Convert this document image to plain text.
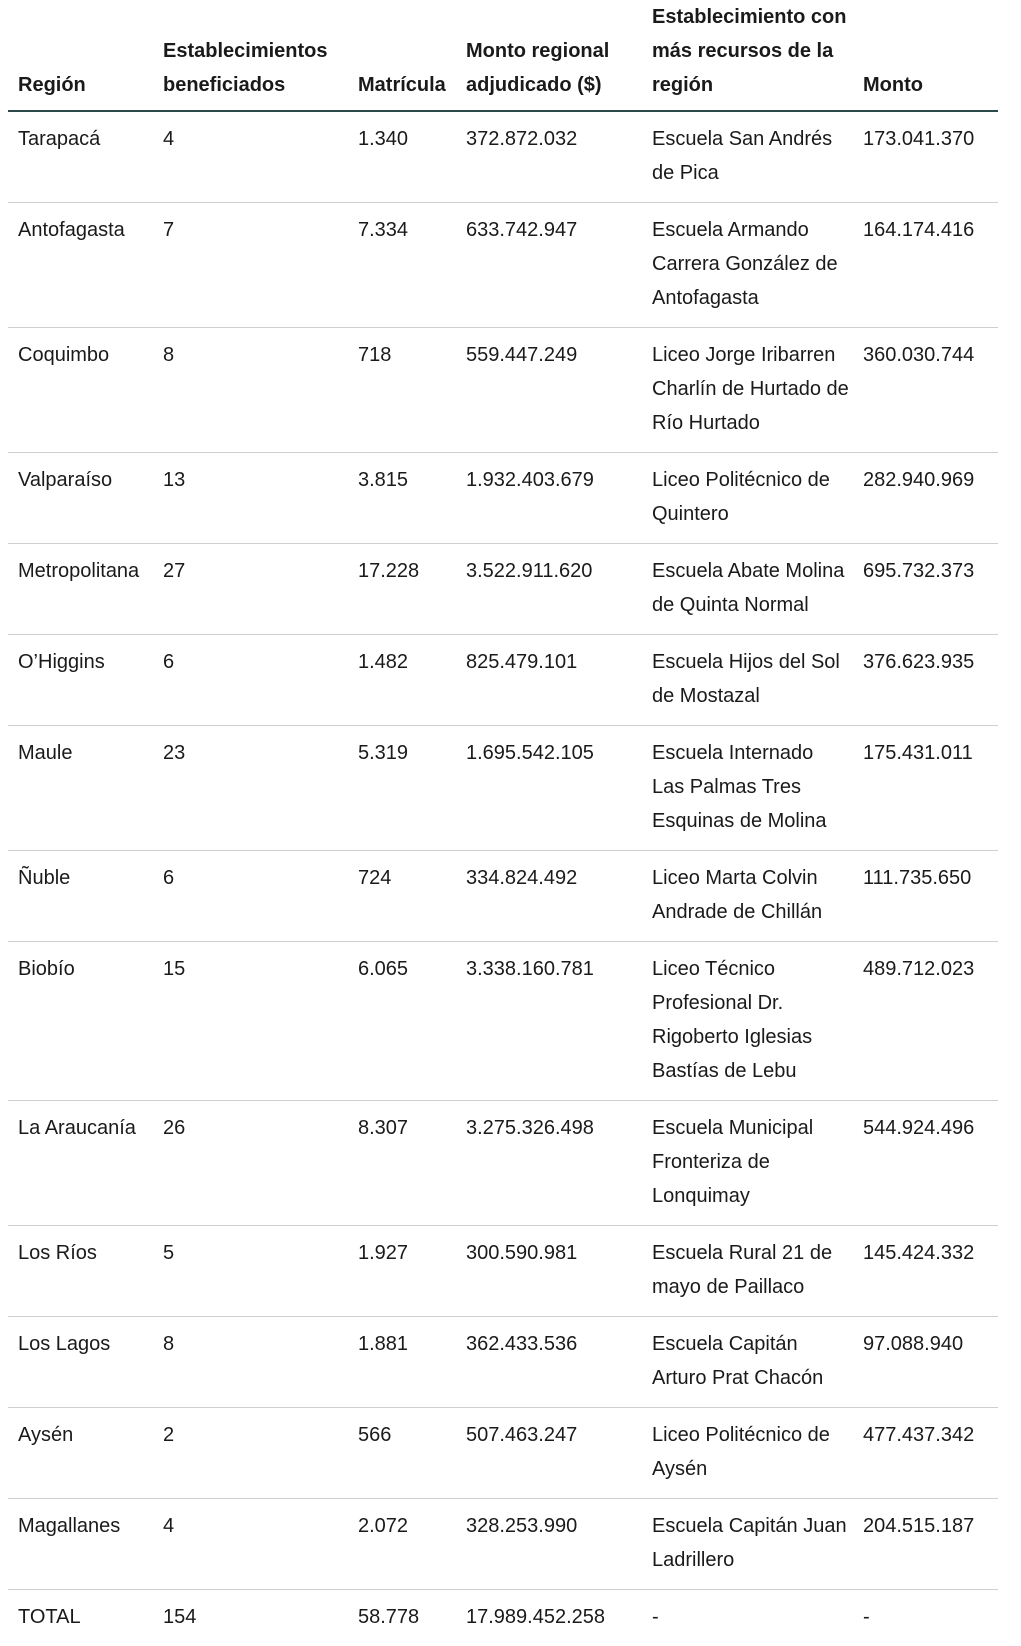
Región	Establecimientos beneficiados	Matrícula	Monto regional adjudicado ($)	Establecimiento con más recursos de la región	Monto
Tarapacá	4	1.340	372.872.032	Escuela San Andrés de Pica	173.041.370
Antofagasta	7	7.334	633.742.947	Escuela Armando Carrera González de Antofagasta	164.174.416
Coquimbo	8	718	559.447.249	Liceo Jorge Iribarren Charlín de Hurtado de Río Hurtado	360.030.744
Valparaíso	13	3.815	1.932.403.679	Liceo Politécnico de Quintero	282.940.969
Metropolitana	27	17.228	3.522.911.620	Escuela Abate Molina de Quinta Normal	695.732.373
O’Higgins	6	1.482	825.479.101	Escuela Hijos del Sol de Mostazal	376.623.935
Maule	23	5.319	1.695.542.105	Escuela Internado Las Palmas Tres Esquinas de Molina	175.431.011
Ñuble	6	724	334.824.492	Liceo Marta Colvin Andrade de Chillán	111.735.650
Biobío	15	6.065	3.338.160.781	Liceo Técnico Profesional Dr. Rigoberto Iglesias Bastías de Lebu	489.712.023
La Araucanía	26	8.307	3.275.326.498	Escuela Municipal Fronteriza de Lonquimay	544.924.496
Los Ríos	5	1.927	300.590.981	Escuela Rural 21 de mayo de Paillaco	145.424.332
Los Lagos	8	1.881	362.433.536	Escuela Capitán Arturo Prat Chacón	97.088.940
Aysén	2	566	507.463.247	Liceo Politécnico de Aysén	477.437.342
Magallanes	4	2.072	328.253.990	Escuela Capitán Juan Ladrillero	204.515.187
TOTAL	154	58.778	17.989.452.258	-	-
